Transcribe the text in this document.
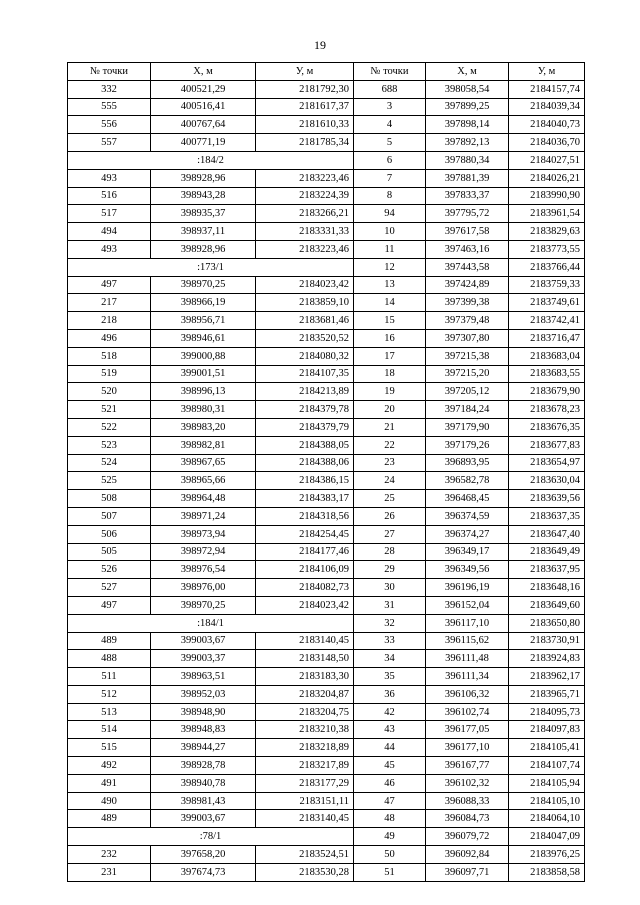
19
№ точки	Х, м	У, м	№ точки	Х, м	У, м
332	400521,29	2181792,30	688	398058,54	2184157,74
555	400516,41	2181617,37	3	397899,25	2184039,34
556	400767,64	2181610,33	4	397898,14	2184040,73
557	400771,19	2181785,34	5	397892,13	2184036,70
:184/2			6	397880,34	2184027,51
493	398928,96	2183223,46	7	397881,39	2184026,21
516	398943,28	2183224,39	8	397833,37	2183990,90
517	398935,37	2183266,21	94	397795,72	2183961,54
494	398937,11	2183331,33	10	397617,58	2183829,63
493	398928,96	2183223,46	11	397463,16	2183773,55
:173/1			12	397443,58	2183766,44
497	398970,25	2184023,42	13	397424,89	2183759,33
217	398966,19	2183859,10	14	397399,38	2183749,61
218	398956,71	2183681,46	15	397379,48	2183742,41
496	398946,61	2183520,52	16	397307,80	2183716,47
518	399000,88	2184080,32	17	397215,38	2183683,04
519	399001,51	2184107,35	18	397215,20	2183683,55
520	398996,13	2184213,89	19	397205,12	2183679,90
521	398980,31	2184379,78	20	397184,24	2183678,23
522	398983,20	2184379,79	21	397179,90	2183676,35
523	398982,81	2184388,05	22	397179,26	2183677,83
524	398967,65	2184388,06	23	396893,95	2183654,97
525	398965,66	2184386,15	24	396582,78	2183630,04
508	398964,48	2184383,17	25	396468,45	2183639,56
507	398971,24	2184318,56	26	396374,59	2183637,35
506	398973,94	2184254,45	27	396374,27	2183647,40
505	398972,94	2184177,46	28	396349,17	2183649,49
526	398976,54	2184106,09	29	396349,56	2183637,95
527	398976,00	2184082,73	30	396196,19	2183648,16
497	398970,25	2184023,42	31	396152,04	2183649,60
:184/1			32	396117,10	2183650,80
489	399003,67	2183140,45	33	396115,62	2183730,91
488	399003,37	2183148,50	34	396111,48	2183924,83
511	398963,51	2183183,30	35	396111,34	2183962,17
512	398952,03	2183204,87	36	396106,32	2183965,71
513	398948,90	2183204,75	42	396102,74	2184095,73
514	398948,83	2183210,38	43	396177,05	2184097,83
515	398944,27	2183218,89	44	396177,10	2184105,41
492	398928,78	2183217,89	45	396167,77	2184107,74
491	398940,78	2183177,29	46	396102,32	2184105,94
490	398981,43	2183151,11	47	396088,33	2184105,10
489	399003,67	2183140,45	48	396084,73	2184064,10
:78/1			49	396079,72	2184047,09
232	397658,20	2183524,51	50	396092,84	2183976,25
231	397674,73	2183530,28	51	396097,71	2183858,58
